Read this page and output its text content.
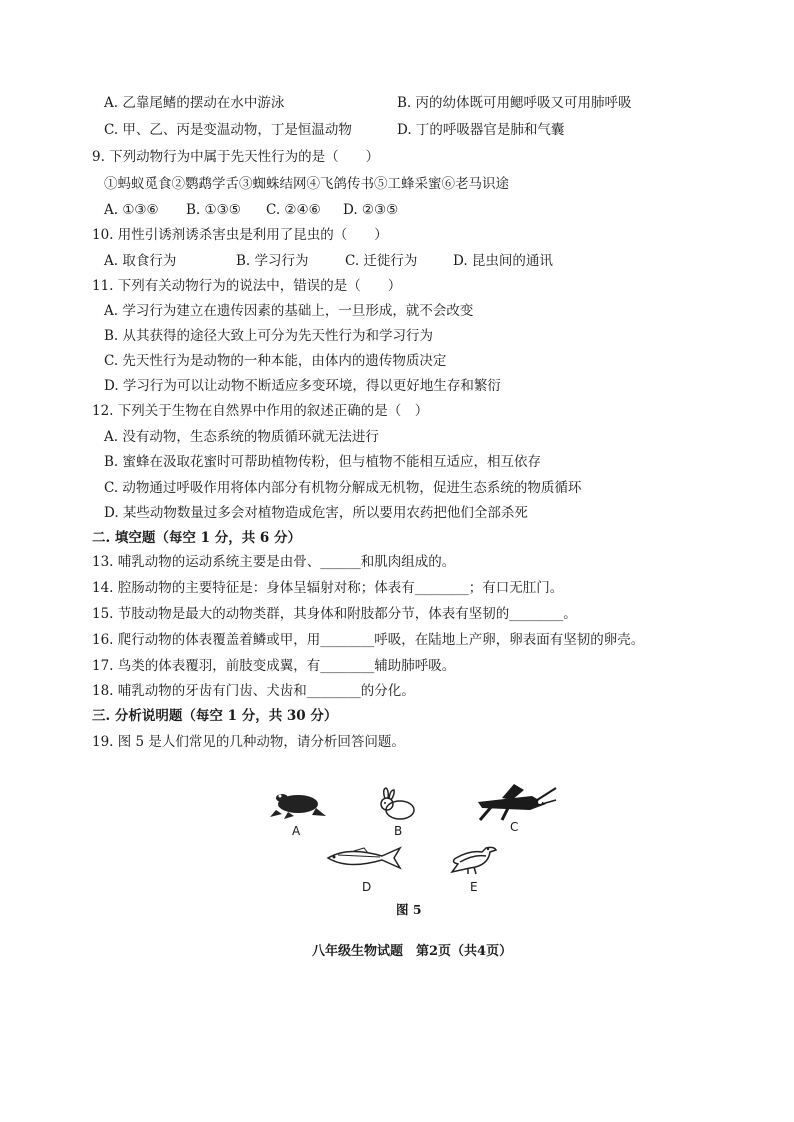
A. 乙靠尾鳍的摆动在水中游泳	B. 丙的幼体既可用鳃呼吸又可用肺呼吸
C. 甲、乙、丙是变温动物，丁是恒温动物	D. 丁的呼吸器官是肺和气囊
9. 下列动物行为中属于先天性行为的是（　　）
①蚂蚁觅食②鹦鹉学舌③蜘蛛结网④飞鸽传书⑤工蜂采蜜⑥老马识途
A. ①③⑥ B. ①③⑤ C. ②④⑥ D. ②③⑤
10. 用性引诱剂诱杀害虫是利用了昆虫的（　　）
A. 取食行为	B. 学习行为	C. 迁徙行为	D. 昆虫间的通讯
11. 下列有关动物行为的说法中，错误的是（　　）
A. 学习行为建立在遗传因素的基础上，一旦形成，就不会改变
B. 从其获得的途径大致上可分为先天性行为和学习行为
C. 先天性行为是动物的一种本能，由体内的遗传物质决定
D. 学习行为可以让动物不断适应多变环境，得以更好地生存和繁衍
12. 下列关于生物在自然界中作用的叙述正确的是（　）
A. 没有动物，生态系统的物质循环就无法进行
B. 蜜蜂在汲取花蜜时可帮助植物传粉，但与植物不能相互适应，相互依存
C. 动物通过呼吸作用将体内部分有机物分解成无机物，促进生态系统的物质循环
D. 某些动物数量过多会对植物造成危害，所以要用农药把他们全部杀死
二. 填空题（每空 1 分，共 6 分）
13. 哺乳动物的运动系统主要是由骨、______和肌肉组成的。
14. 腔肠动物的主要特征是：身体呈辐射对称；体表有________；有口无肛门。
15. 节肢动物是最大的动物类群，其身体和附肢都分节，体表有坚韧的________。
16. 爬行动物的体表覆盖着鳞或甲，用________呼吸，在陆地上产卵，卵表面有坚韧的卵壳。
17. 鸟类的体表覆羽，前肢变成翼，有________辅助肺呼吸。
18. 哺乳动物的牙齿有门齿、犬齿和________的分化。
三. 分析说明题（每空 1 分，共 30 分）
19. 图 5 是人们常见的几种动物，请分析回答问题。
A	B	C
D	E
图 5
八年级生物试题　第2页（共4页）
